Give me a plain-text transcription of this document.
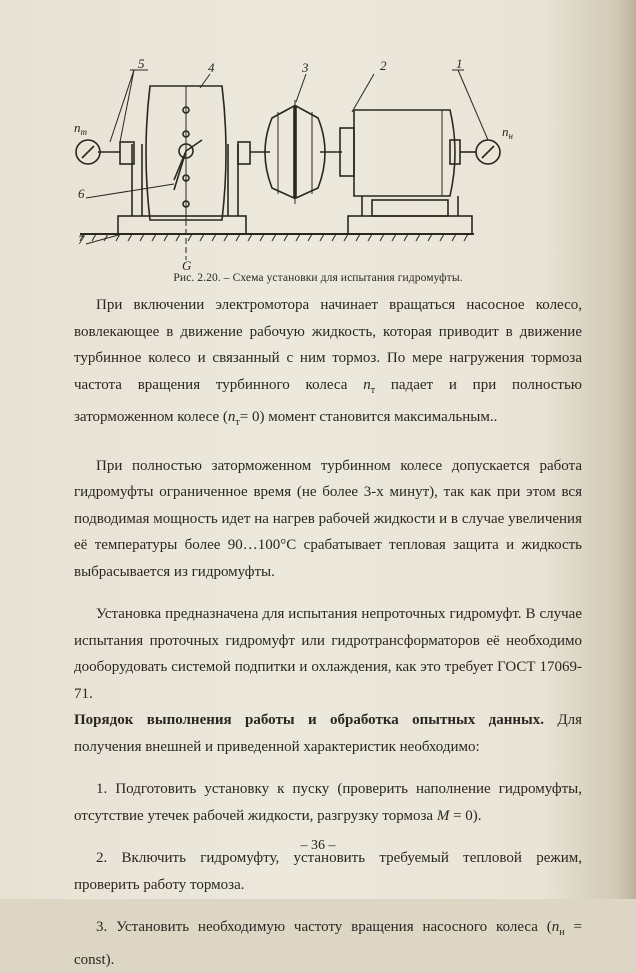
5	4	3	2	1
6
7
$n_т$	$n_н$
G
Рис. 2.20. – Схема установки для испытания гидромуфты.

При включении электромотора начинает вращаться насосное колесо, вовлекающее в движение рабочую жидкость, которая приводит в движение турбинное колесо и связанный с ним тормоз. По мере нагружения тормоза частота вращения турбинного колеса $n_т$ падает и при полностью заторможенном колесе $(n_т= 0)$ момент становится максимальным..

При полностью заторможенном турбинном колесе допускается работа гидромуфты ограниченное время (не более 3-х минут), так как при этом вся подводимая мощность идет на нагрев рабочей жидкости и в случае увеличения её температуры более 90…100°С срабатывает тепловая защита и жидкость выбрасывается из гидромуфты.

Установка предназначена для испытания непроточных гидромуфт. В случае испытания проточных гидромуфт или гидротрансформаторов её необходимо дооборудовать системой подпитки и охлаждения, как это требует ГОСТ 17069-71.

Порядок выполнения работы и обработка опытных данных. Для получения внешней и приведенной характеристик необходимо:

1. Подготовить установку к пуску (проверить наполнение гидромуфты, отсутствие утечек рабочей жидкости, разгрузку тормоза M = 0).

2. Включить гидромуфту, установить требуемый тепловой режим, проверить работу тормоза.

3. Установить необходимую частоту вращения насосного колеса ($n_н$ = const).

– 36 –
